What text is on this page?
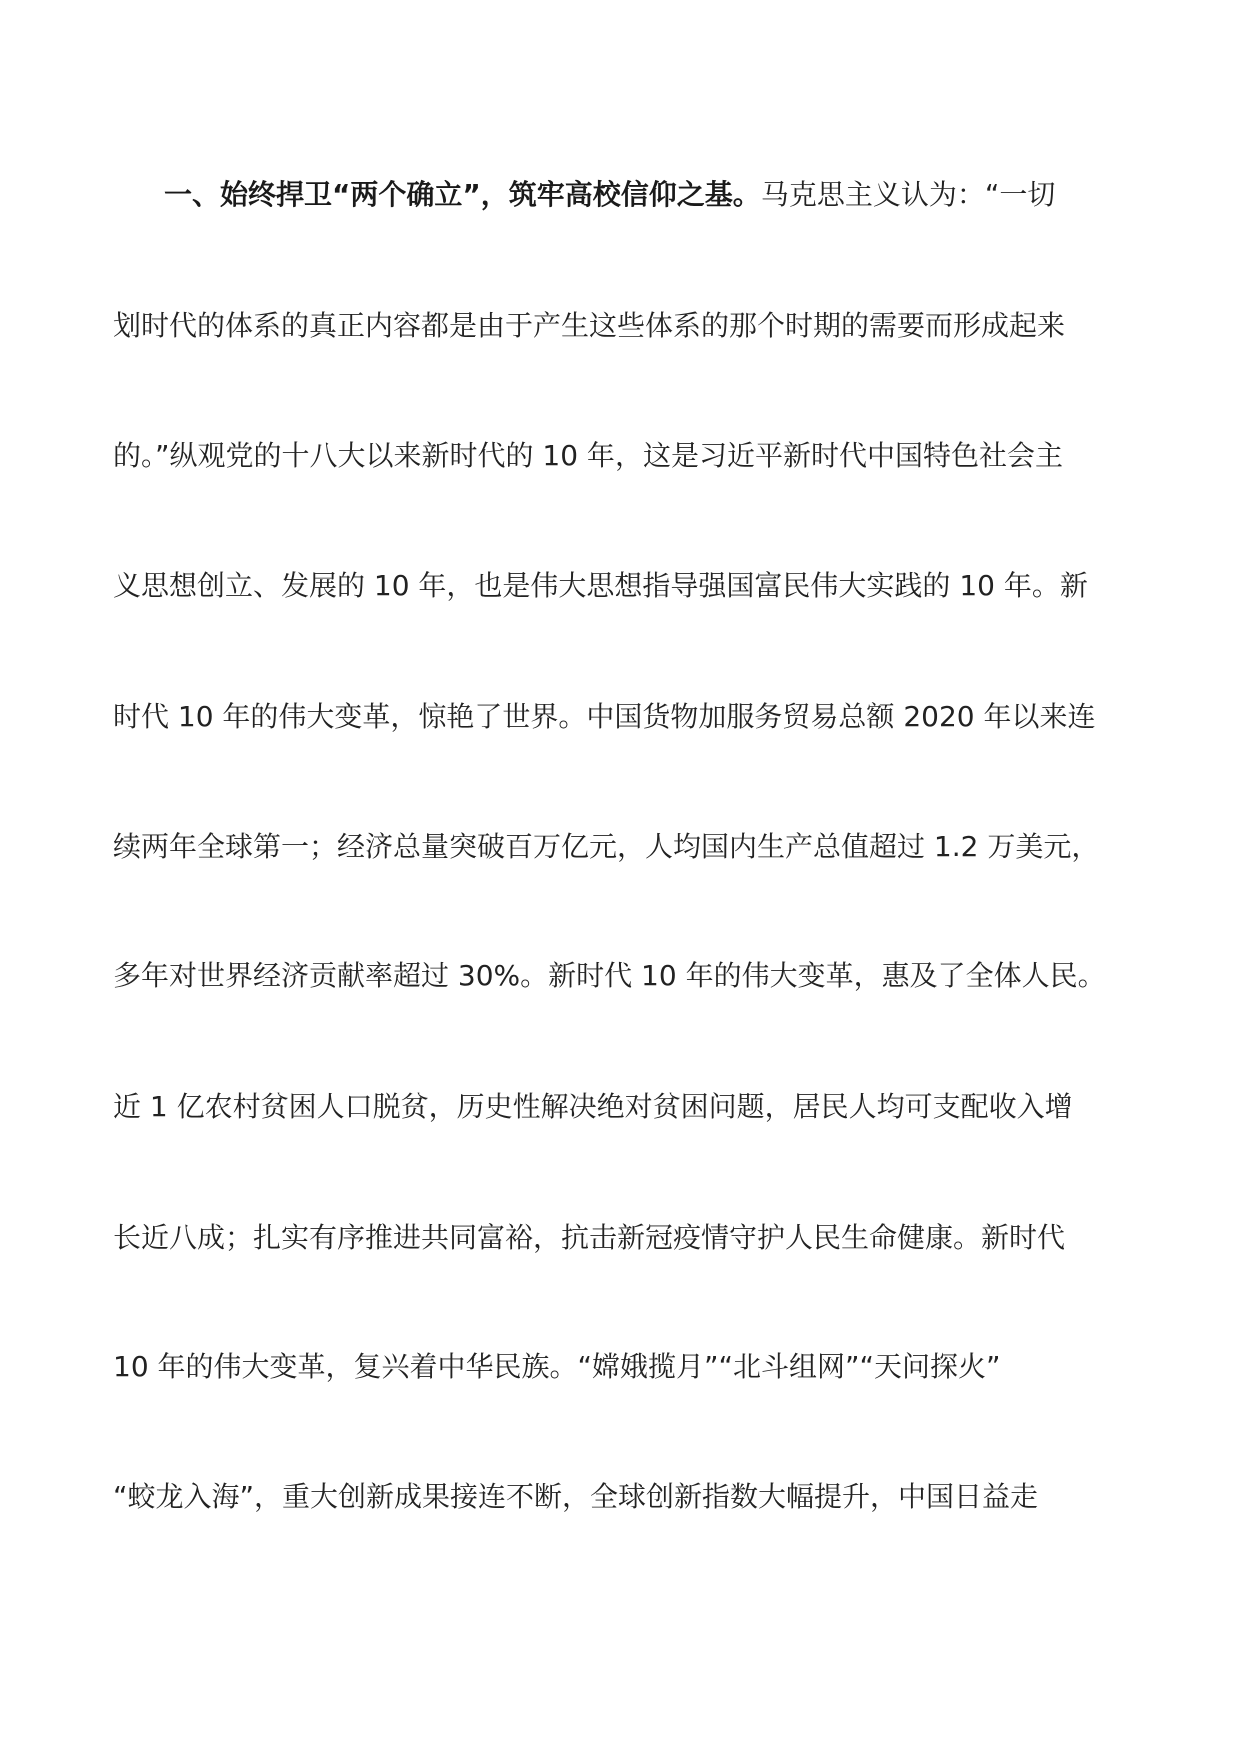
一、始终捍卫“两个确立”，筑牢高校信仰之基。马克思主义认为：“一切
划时代的体系的真正内容都是由于产生这些体系的那个时期的需要而形成起来
的。”纵观党的十八大以来新时代的 10 年，这是习近平新时代中国特色社会主
义思想创立、发展的 10 年，也是伟大思想指导强国富民伟大实践的 10 年。新
时代 10 年的伟大变革，惊艳了世界。中国货物加服务贸易总额 2020 年以来连
续两年全球第一；经济总量突破百万亿元，人均国内生产总值超过 1.2 万美元，
多年对世界经济贡献率超过 30%。新时代 10 年的伟大变革，惠及了全体人民。
近 1 亿农村贫困人口脱贫，历史性解决绝对贫困问题，居民人均可支配收入增
长近八成；扎实有序推进共同富裕，抗击新冠疫情守护人民生命健康。新时代
10 年的伟大变革，复兴着中华民族。“嫦娥揽月”“北斗组网”“天问探火”
“蛟龙入海”，重大创新成果接连不断，全球创新指数大幅提升，中国日益走
